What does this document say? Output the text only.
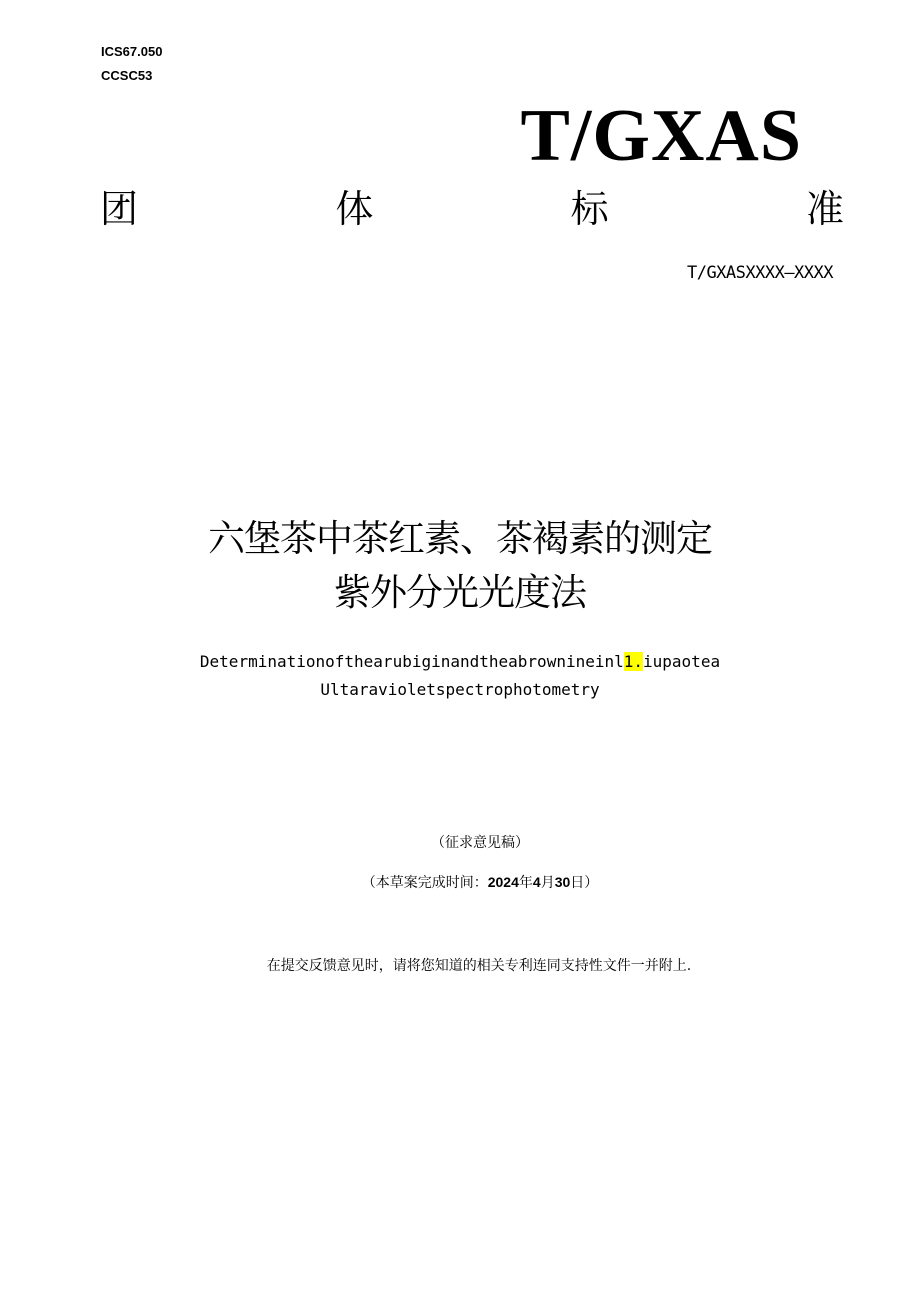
ICS67.050
CCSC53
T/GXAS
团	体	标	准
T/GXASXXXX—XXXX
六堡茶中茶红素、茶褐素的测定
紫外分光光度法
Determinationofthearubiginandtheabrownineinl1.iupaotea
Ultaravioletspectrophotometry
（征求意见稿）
（本草案完成时间：2024年4月30日）
在提交反馈意见时，请将您知道的相关专利连同支持性文件一并附上.
